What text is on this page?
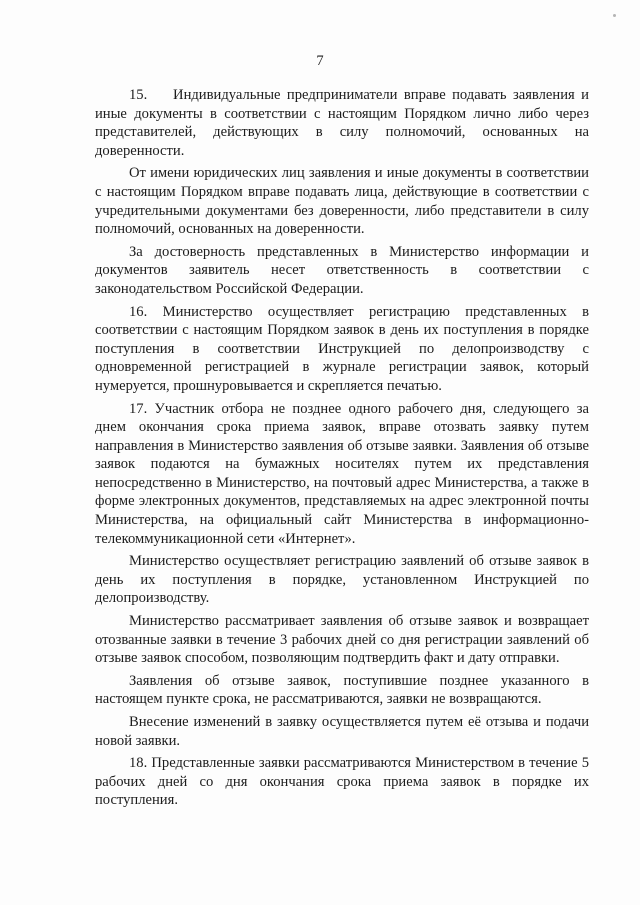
7

15.    Индивидуальные предприниматели вправе подавать заявления и иные документы в соответствии с настоящим Порядком лично либо через представителей, действующих в силу полномочий, основанных на доверенности.

От имени юридических лиц заявления и иные документы в соответствии с настоящим Порядком вправе подавать лица, действующие в соответствии с учредительными документами без доверенности, либо представители в силу полномочий, основанных на доверенности.

За достоверность представленных в Министерство информации и документов заявитель несет ответственность в соответствии с законодательством Российской Федерации.

16. Министерство осуществляет регистрацию представленных в соответствии с настоящим Порядком заявок в день их поступления в порядке поступления в соответствии Инструкцией по делопроизводству с одновременной регистрацией в журнале регистрации заявок, который нумеруется, прошнуровывается и скрепляется печатью.

17. Участник отбора не позднее одного рабочего дня, следующего за днем окончания срока приема заявок, вправе отозвать заявку путем направления в Министерство заявления об отзыве заявки. Заявления об отзыве заявок подаются на бумажных носителях путем их представления непосредственно в Министерство, на почтовый адрес Министерства, а также в форме электронных документов, представляемых на адрес электронной почты Министерства, на официальный сайт Министерства в информационно-телекоммуникационной сети «Интернет».

Министерство осуществляет регистрацию заявлений об отзыве заявок в день их поступления в порядке, установленном Инструкцией по делопроизводству.

Министерство рассматривает заявления об отзыве заявок и возвращает отозванные заявки в течение 3 рабочих дней со дня регистрации заявлений об отзыве заявок способом, позволяющим подтвердить факт и дату отправки.

Заявления об отзыве заявок, поступившие позднее указанного в настоящем пункте срока, не рассматриваются, заявки не возвращаются.

Внесение изменений в заявку осуществляется путем её отзыва и подачи новой заявки.

18. Представленные заявки рассматриваются Министерством в течение 5 рабочих дней со дня окончания срока приема заявок в порядке их поступления.
